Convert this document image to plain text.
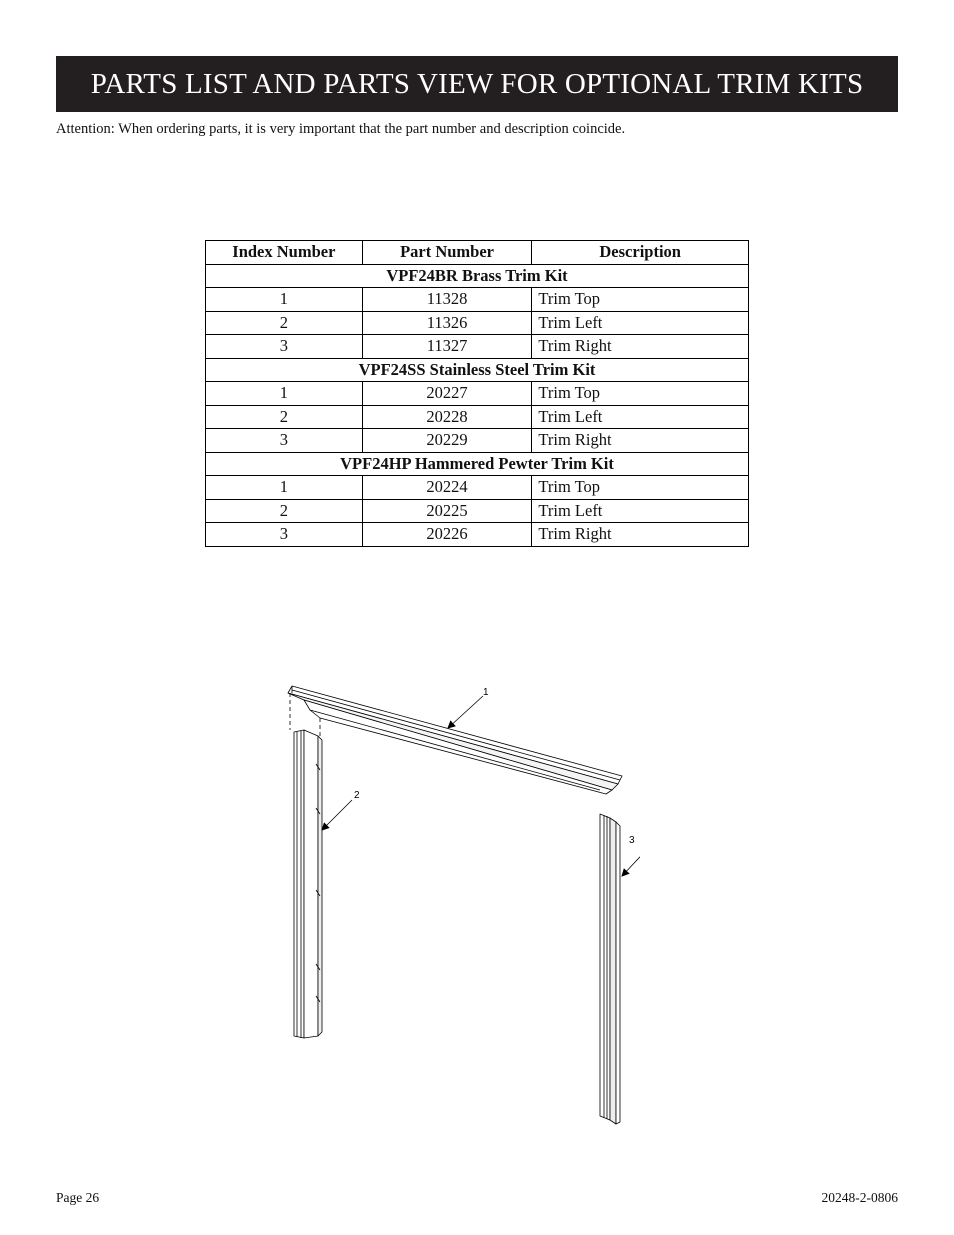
PARTS LIST AND PARTS VIEW FOR OPTIONAL TRIM KITS
Attention: When ordering parts, it is very important that the part number and description coincide.
Index Number	Part Number	Description
VPF24BR Brass Trim Kit		
1	11328	Trim Top
2	11326	Trim Left
3	11327	Trim Right
VPF24SS Stainless Steel Trim Kit		
1	20227	Trim Top
2	20228	Trim Left
3	20229	Trim Right
VPF24HP Hammered Pewter Trim Kit		
1	20224	Trim Top
2	20225	Trim Left
3	20226	Trim Right
1
2
3
Page 26	20248-2-0806
